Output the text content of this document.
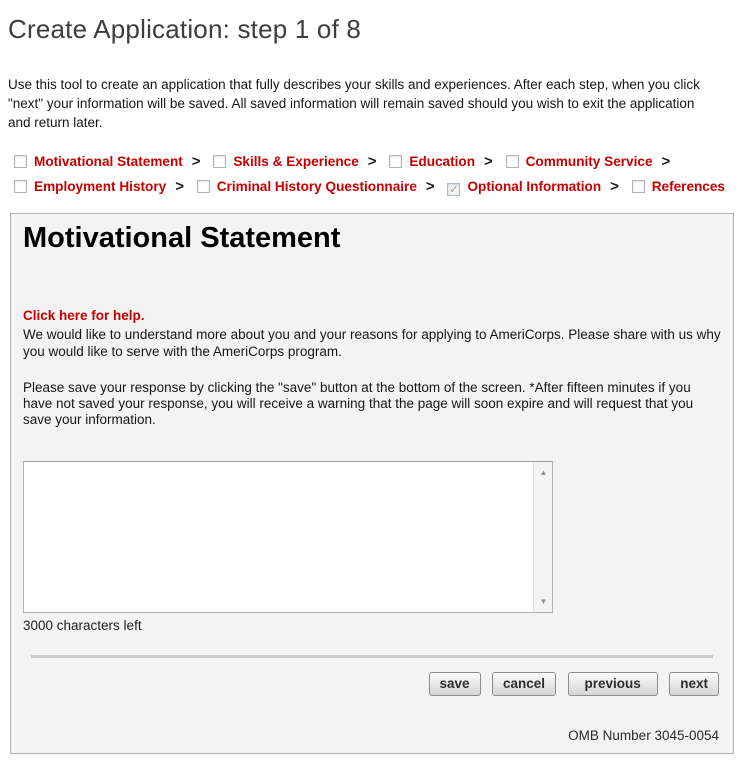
Create Application: step 1 of 8
Use this tool to create an application that fully describes your skills and experiences. After each step, when you click "next" your information will be saved. All saved information will remain saved should you wish to exit the application and return later.
Motivational Statement > Skills & Experience > Education > Community Service > Employment History > Criminal History Questionnaire > ✓ Optional Information > References
Motivational Statement
Click here for help.

We would like to understand more about you and your reasons for applying to AmeriCorps. Please share with us why you would like to serve with the AmeriCorps program.

Please save your response by clicking the "save" button at the bottom of the screen. *After fifteen minutes if you have not saved your response, you will receive a warning that the page will soon expire and will request that you save your information.

▲
▼
3000 characters left
save cancel	previous	next
OMB Number 3045-0054
